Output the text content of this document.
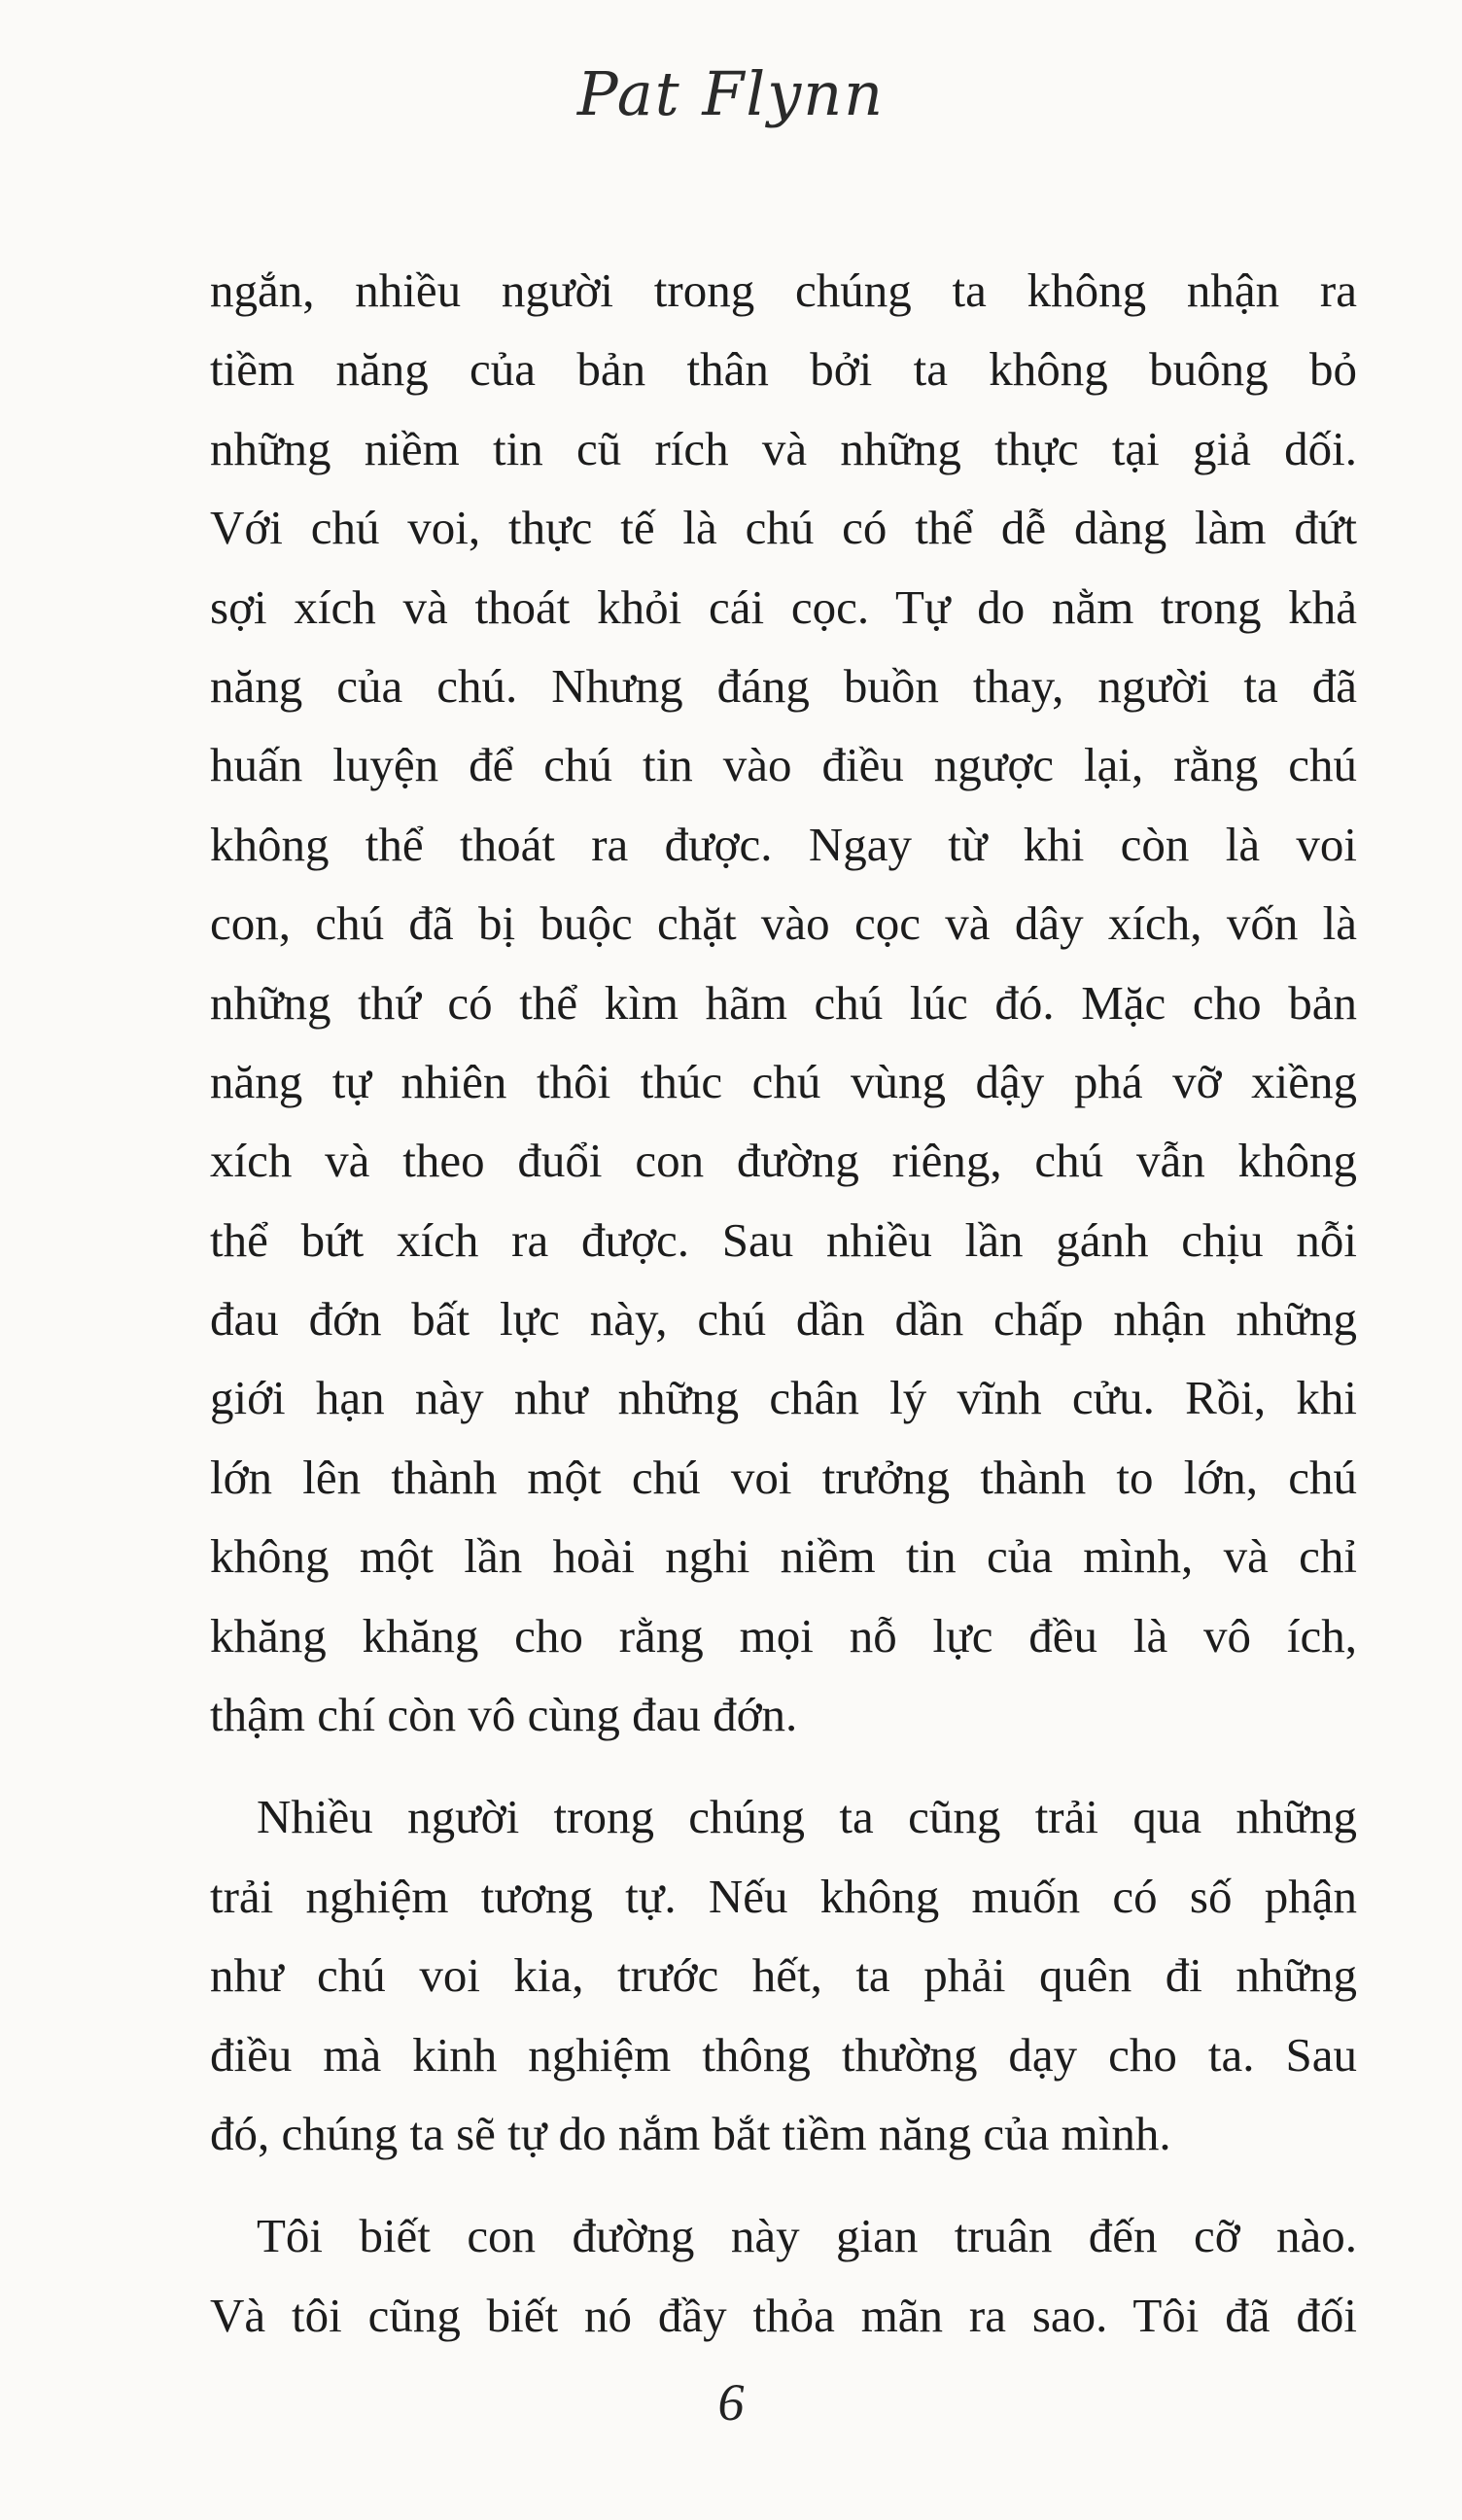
Pat Flynn
ngắn, nhiều người trong chúng ta không nhận ra
tiềm năng của bản thân bởi ta không buông bỏ
những niềm tin cũ rích và những thực tại giả dối.
Với chú voi, thực tế là chú có thể dễ dàng làm đứt
sợi xích và thoát khỏi cái cọc. Tự do nằm trong khả
năng của chú. Nhưng đáng buồn thay, người ta đã
huấn luyện để chú tin vào điều ngược lại, rằng chú
không thể thoát ra được. Ngay từ khi còn là voi
con, chú đã bị buộc chặt vào cọc và dây xích, vốn là
những thứ có thể kìm hãm chú lúc đó. Mặc cho bản
năng tự nhiên thôi thúc chú vùng dậy phá vỡ xiềng
xích và theo đuổi con đường riêng, chú vẫn không
thể bứt xích ra được. Sau nhiều lần gánh chịu nỗi
đau đớn bất lực này, chú dần dần chấp nhận những
giới hạn này như những chân lý vĩnh cửu. Rồi, khi
lớn lên thành một chú voi trưởng thành to lớn, chú
không một lần hoài nghi niềm tin của mình, và chỉ
khăng khăng cho rằng mọi nỗ lực đều là vô ích,
thậm chí còn vô cùng đau đớn.
Nhiều người trong chúng ta cũng trải qua những
trải nghiệm tương tự. Nếu không muốn có số phận
như chú voi kia, trước hết, ta phải quên đi những
điều mà kinh nghiệm thông thường dạy cho ta. Sau
đó, chúng ta sẽ tự do nắm bắt tiềm năng của mình.
Tôi biết con đường này gian truân đến cỡ nào.
Và tôi cũng biết nó đầy thỏa mãn ra sao. Tôi đã đối
6
